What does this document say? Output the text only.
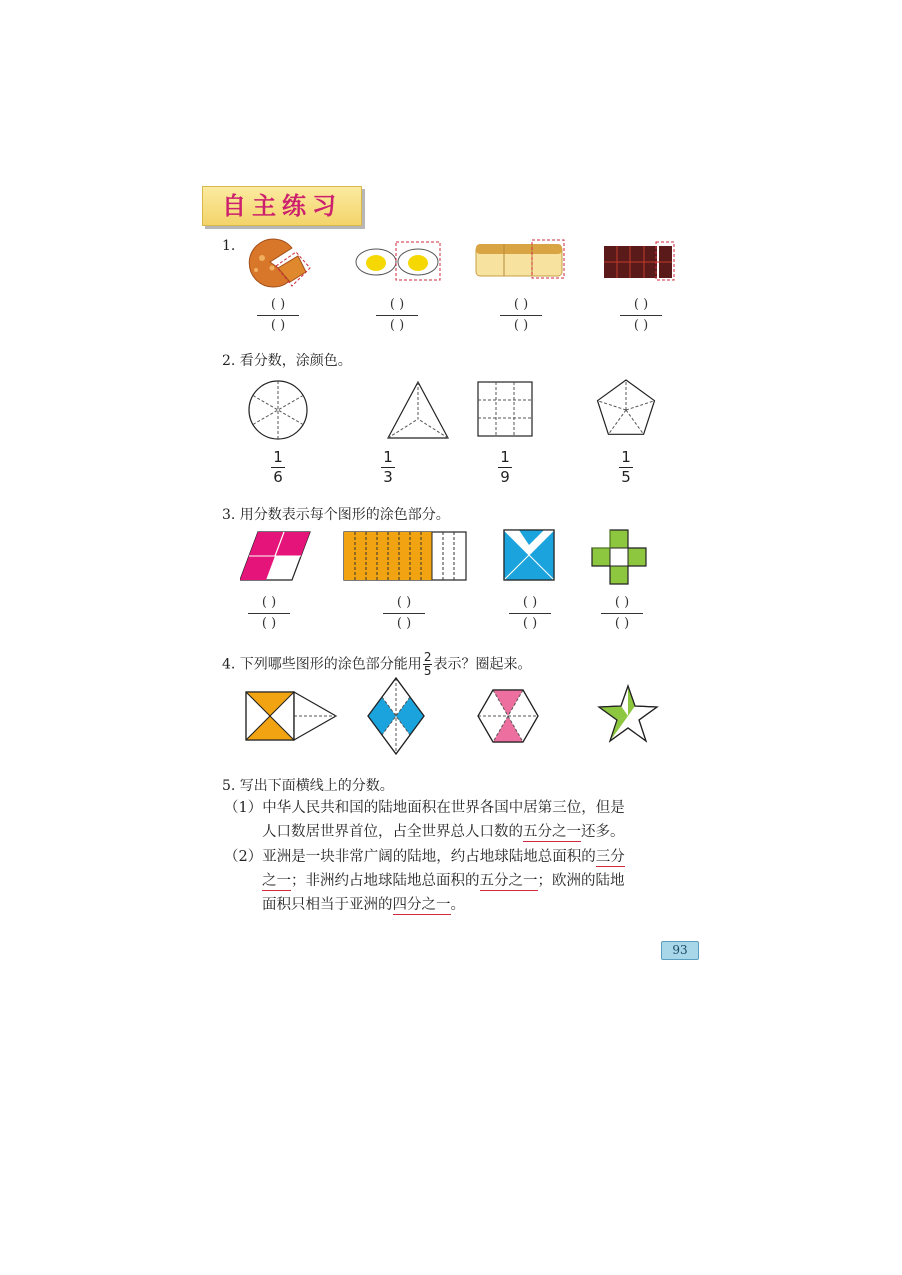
自主练习
1.
( )
( )
( )
( )
( )
( )
( )
( )
2. 看分数，涂颜色。
1
6
1
3
1
9
1
5
3. 用分数表示每个图形的涂色部分。
( )
( )
( )
( )
( )
( )
( )
( )
4. 下列哪些图形的涂色部分能用 $\frac{2}{5}$ 表示？圈起来。
5. 写出下面横线上的分数。
（1）中华人民共和国的陆地面积在世界各国中居第三位，但是
人口数居世界首位，占全世界总人口数的五分之一还多。
（2）亚洲是一块非常广阔的陆地，约占地球陆地总面积的三分
之一；非洲约占地球陆地总面积的五分之一；欧洲的陆地
面积只相当于亚洲的四分之一。
93
